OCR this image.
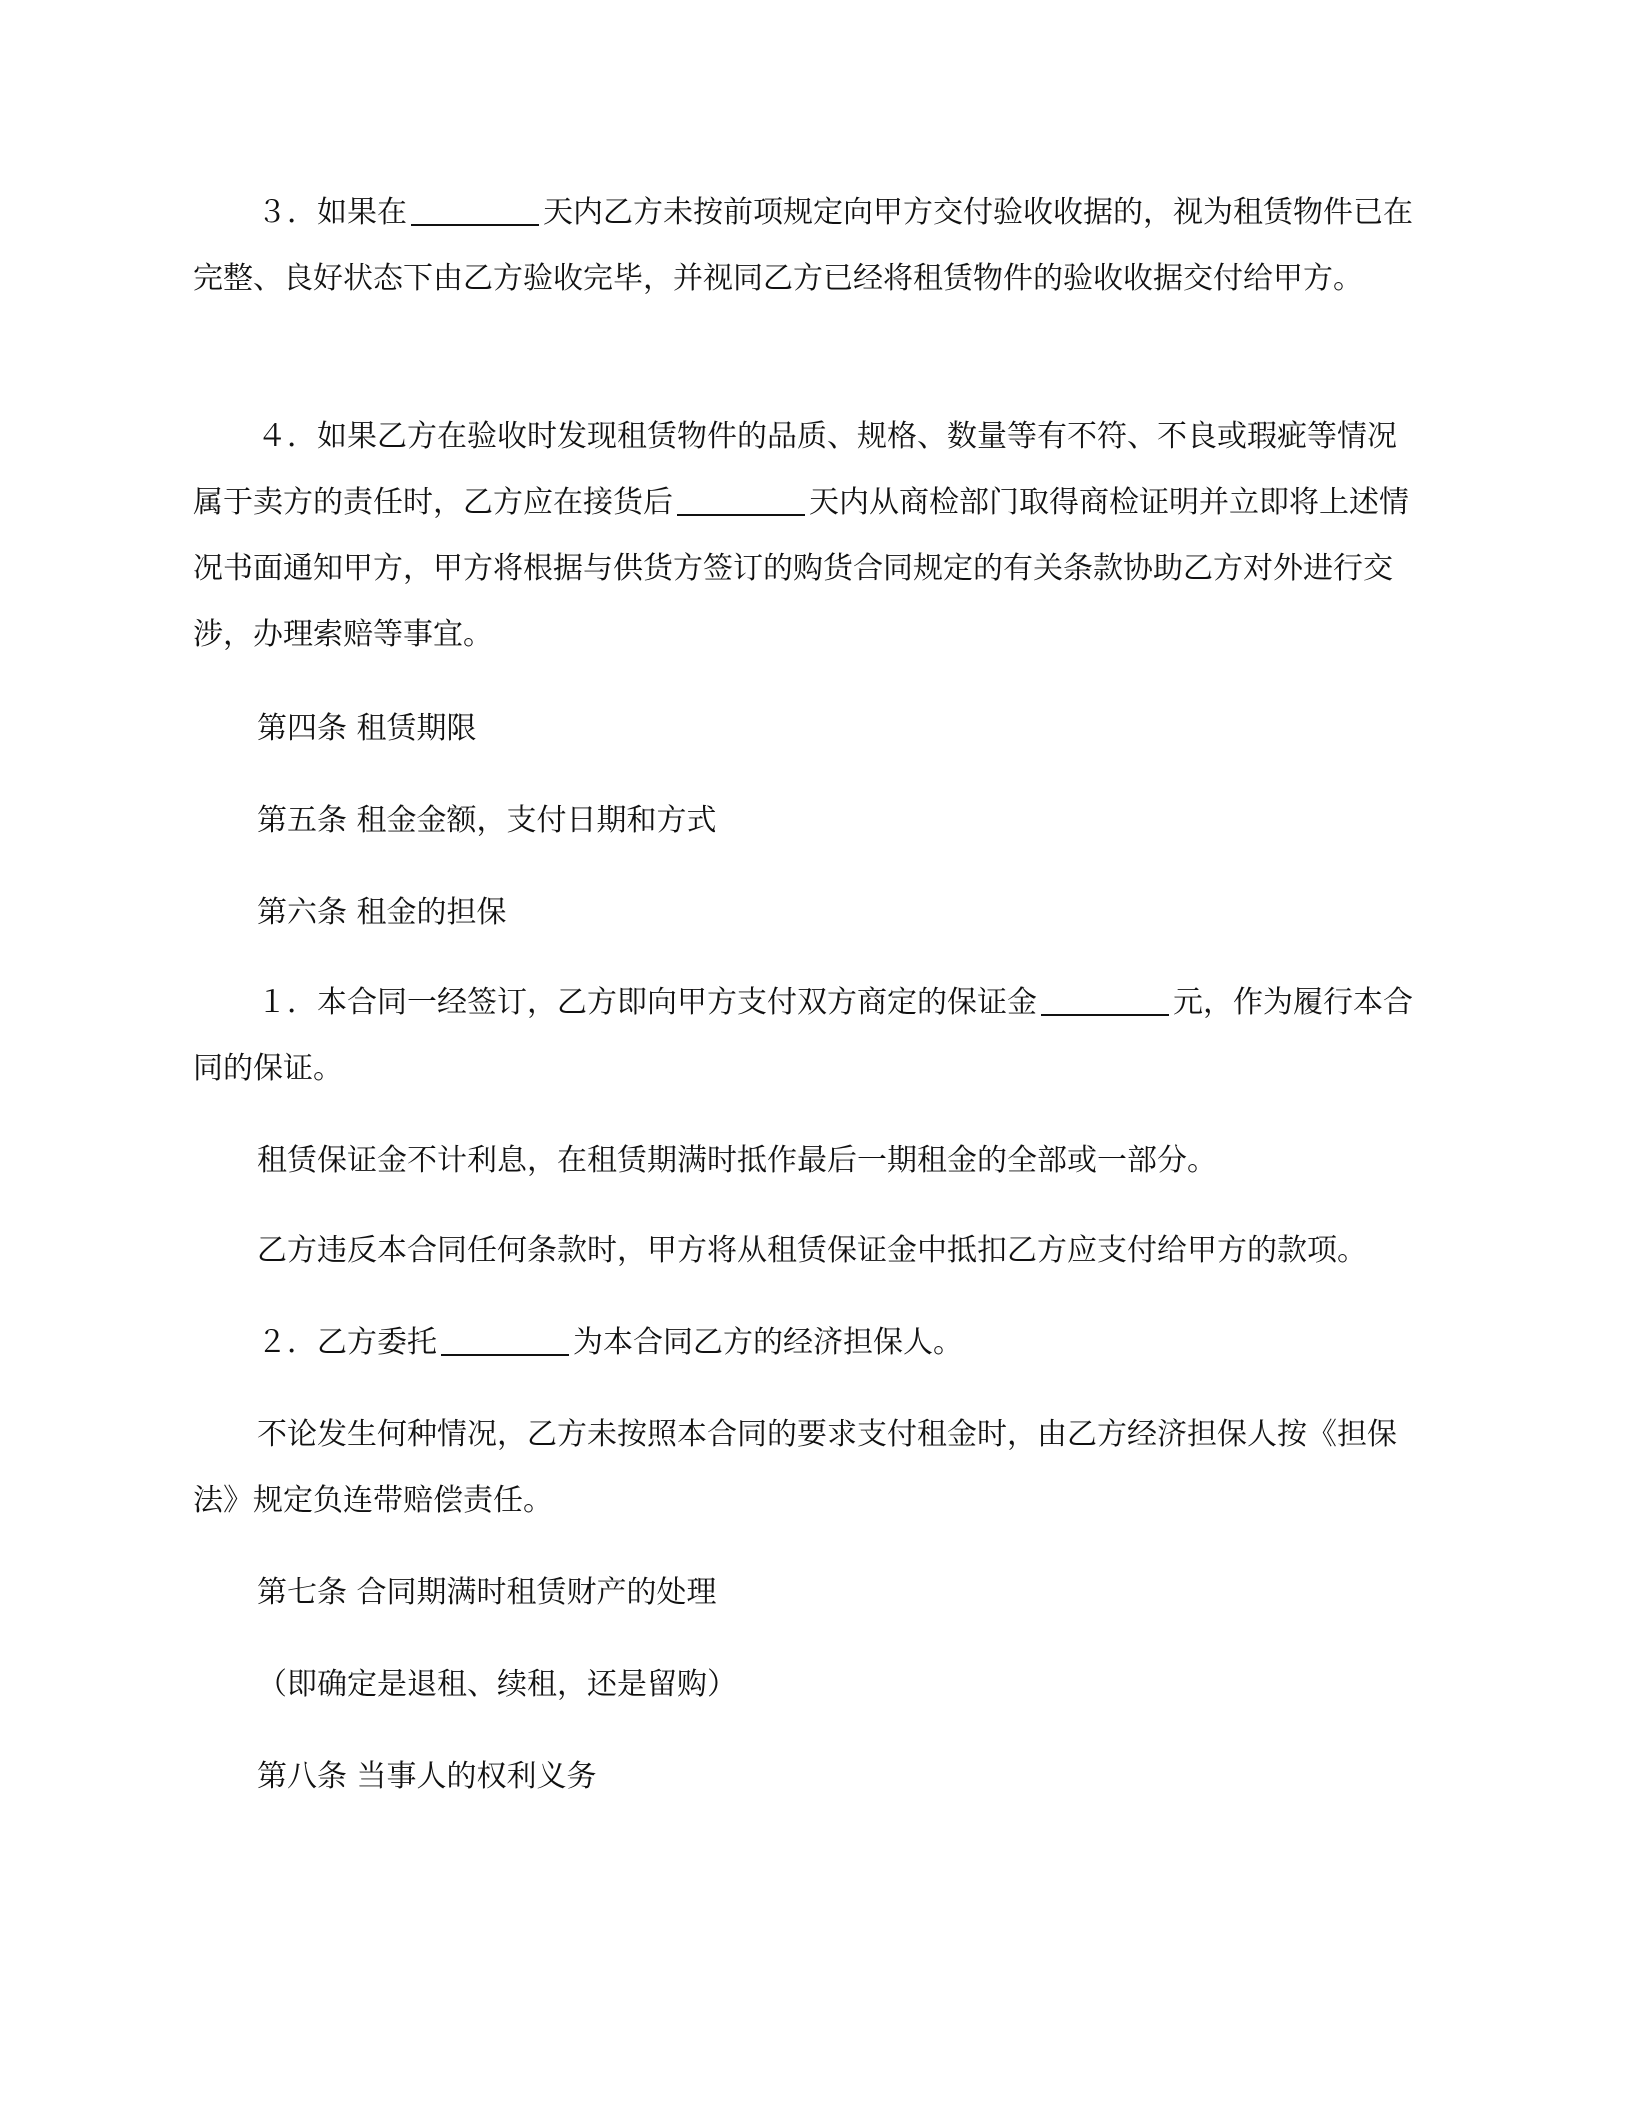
３．如果在	天内乙方未按前项规定向甲方交付验收收据的，视为租赁物件已在完整、良好状态下由乙方验收完毕，并视同乙方已经将租赁物件的验收收据交付给甲方。

４．如果乙方在验收时发现租赁物件的品质、规格、数量等有不符、不良或瑕疵等情况属于卖方的责任时，乙方应在接货后	天内从商检部门取得商检证明并立即将上述情况书面通知甲方，甲方将根据与供货方签订的购货合同规定的有关条款协助乙方对外进行交涉，办理索赔等事宜。

第四条 租赁期限

第五条 租金金额，支付日期和方式

第六条 租金的担保

１．本合同一经签订，乙方即向甲方支付双方商定的保证金	元，作为履行本合同的保证。

租赁保证金不计利息，在租赁期满时抵作最后一期租金的全部或一部分。

乙方违反本合同任何条款时，甲方将从租赁保证金中抵扣乙方应支付给甲方的款项。

２．乙方委托	为本合同乙方的经济担保人。

不论发生何种情况，乙方未按照本合同的要求支付租金时，由乙方经济担保人按《担保法》规定负连带赔偿责任。

第七条 合同期满时租赁财产的处理

（即确定是退租、续租，还是留购）

第八条 当事人的权利义务
